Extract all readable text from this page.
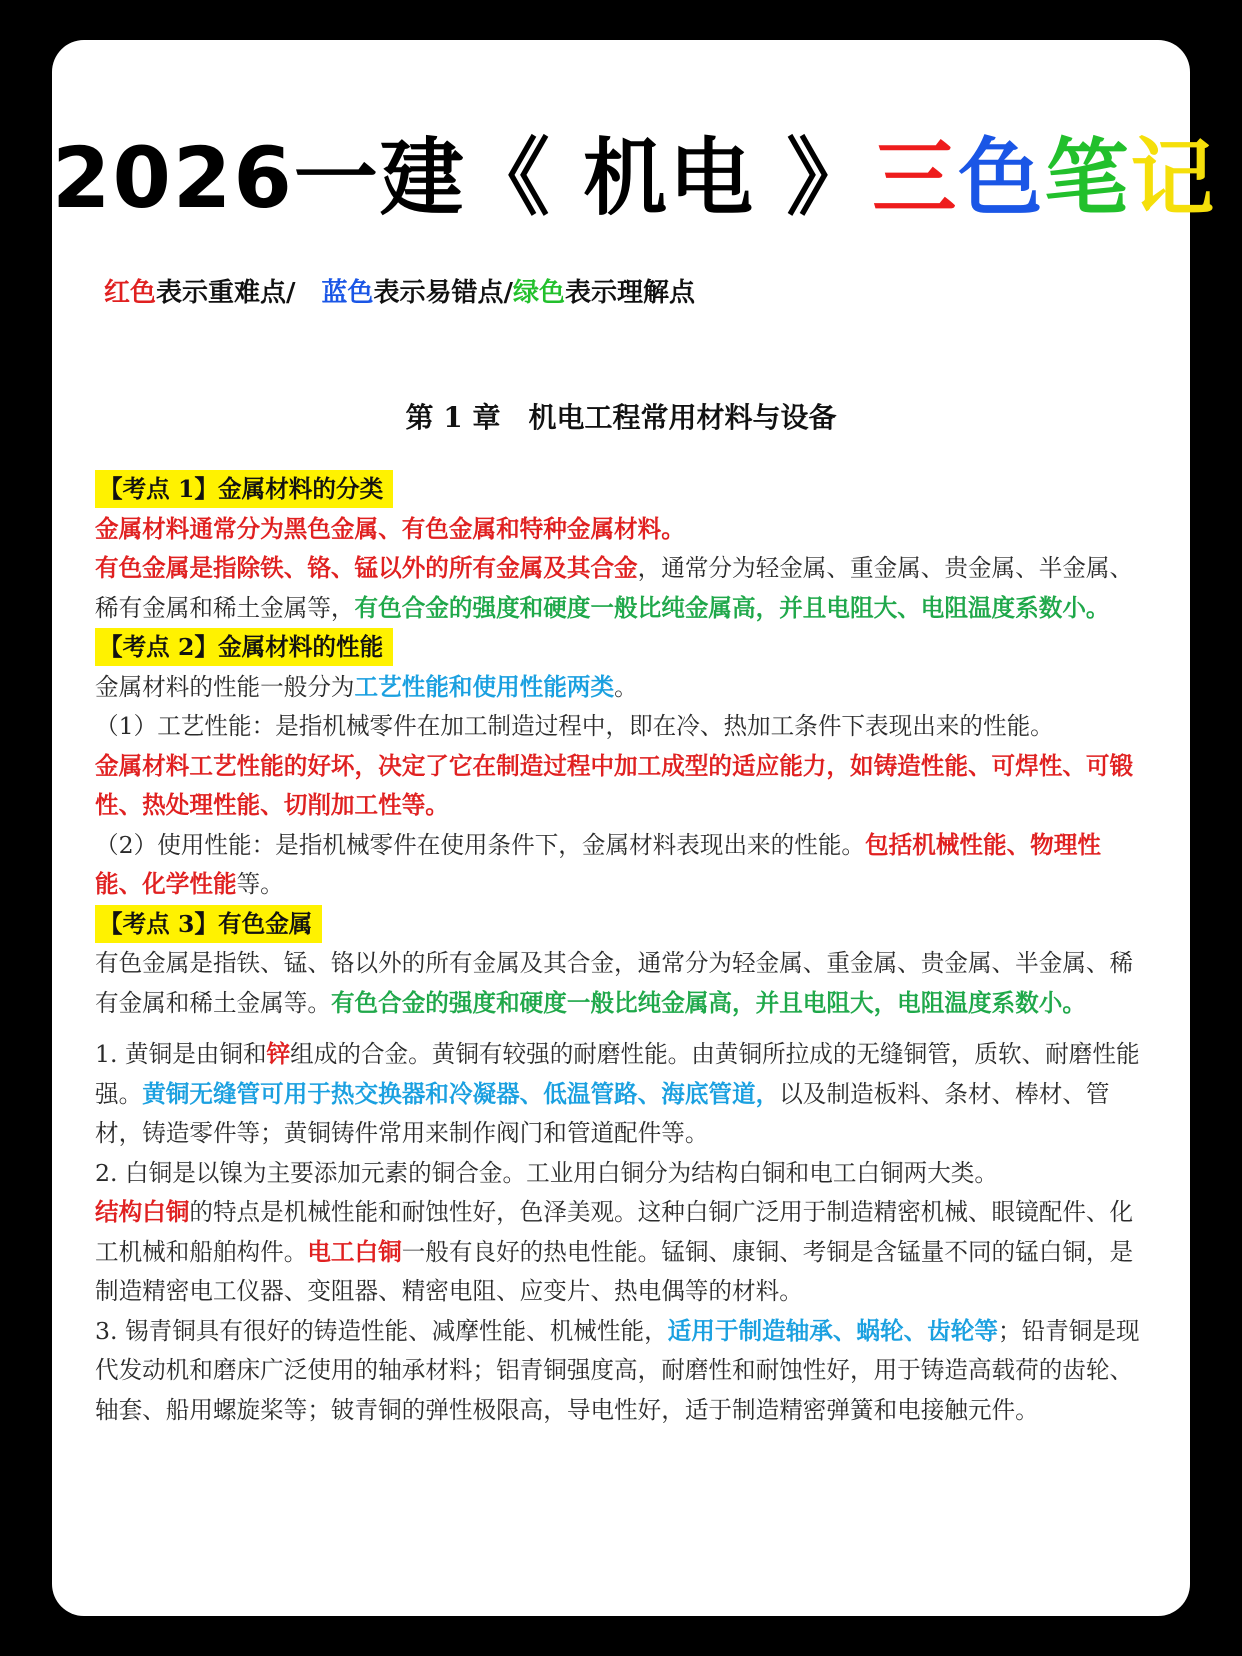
2026一建《 机电 》三色笔记
红色表示重难点/ 蓝色表示易错点/绿色表示理解点
第 1 章　机电工程常用材料与设备
【考点 1】金属材料的分类

金属材料通常分为黑色金属、有色金属和特种金属材料。

有色金属是指除铁、铬、锰以外的所有金属及其合金，通常分为轻金属、重金属、贵金属、半金属、稀有金属和稀土金属等，有色合金的强度和硬度一般比纯金属高，并且电阻大、电阻温度系数小。

【考点 2】金属材料的性能

金属材料的性能一般分为工艺性能和使用性能两类。

（1）工艺性能：是指机械零件在加工制造过程中，即在冷、热加工条件下表现出来的性能。

金属材料工艺性能的好坏，决定了它在制造过程中加工成型的适应能力，如铸造性能、可焊性、可锻性、热处理性能、切削加工性等。

（2）使用性能：是指机械零件在使用条件下，金属材料表现出来的性能。包括机械性能、物理性能、化学性能等。

【考点 3】有色金属

有色金属是指铁、锰、铬以外的所有金属及其合金，通常分为轻金属、重金属、贵金属、半金属、稀有金属和稀土金属等。有色合金的强度和硬度一般比纯金属高，并且电阻大，电阻温度系数小。

1. 黄铜是由铜和锌组成的合金。黄铜有较强的耐磨性能。由黄铜所拉成的无缝铜管，质软、耐磨性能强。黄铜无缝管可用于热交换器和冷凝器、低温管路、海底管道，以及制造板料、条材、棒材、管材，铸造零件等；黄铜铸件常用来制作阀门和管道配件等。

2. 白铜是以镍为主要添加元素的铜合金。工业用白铜分为结构白铜和电工白铜两大类。

结构白铜的特点是机械性能和耐蚀性好，色泽美观。这种白铜广泛用于制造精密机械、眼镜配件、化工机械和船舶构件。电工白铜一般有良好的热电性能。锰铜、康铜、考铜是含锰量不同的锰白铜，是制造精密电工仪器、变阻器、精密电阻、应变片、热电偶等的材料。

3. 锡青铜具有很好的铸造性能、减摩性能、机械性能，适用于制造轴承、蜗轮、齿轮等；铅青铜是现代发动机和磨床广泛使用的轴承材料；铝青铜强度高，耐磨性和耐蚀性好，用于铸造高载荷的齿轮、轴套、船用螺旋桨等；铍青铜的弹性极限高，导电性好，适于制造精密弹簧和电接触元件。
